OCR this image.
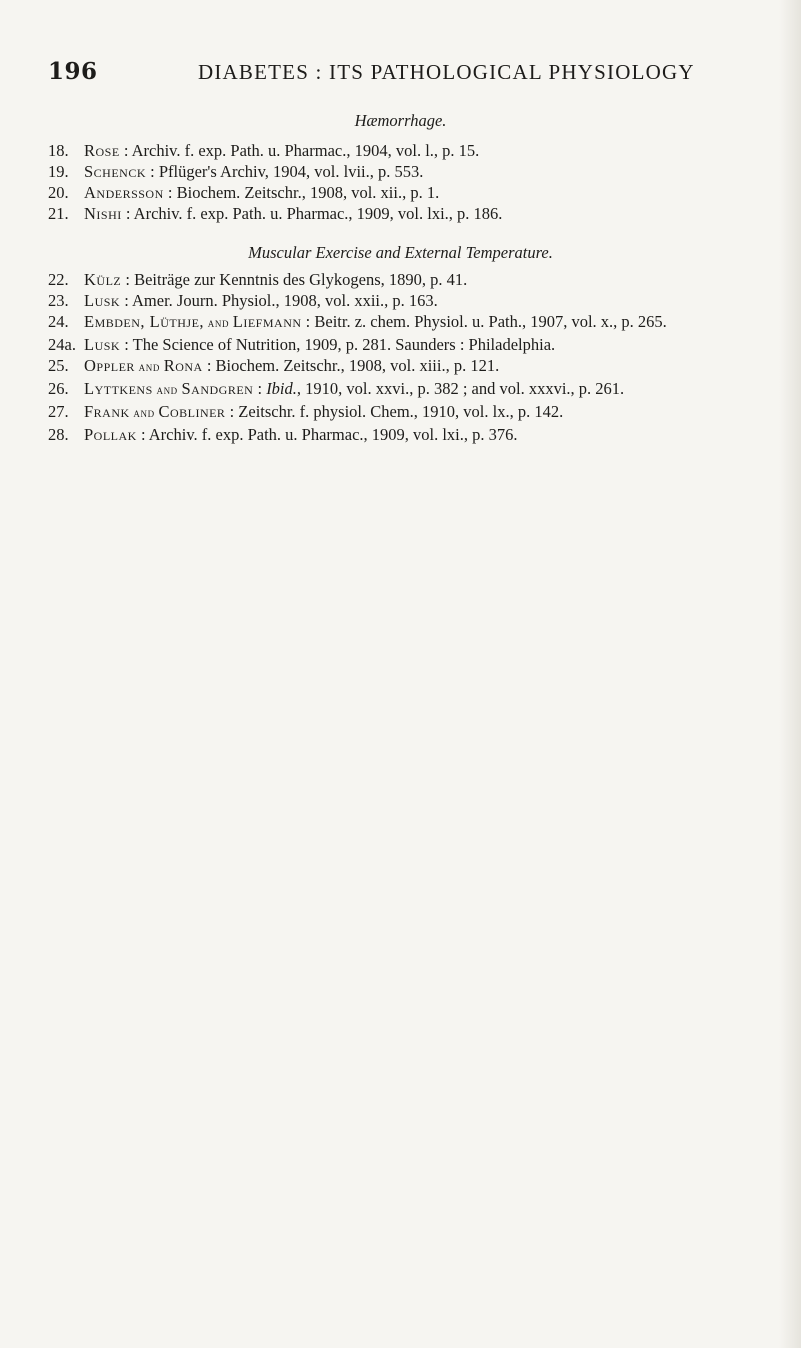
196	DIABETES : ITS PATHOLOGICAL PHYSIOLOGY
Hæmorrhage.
18. Rose : Archiv. f. exp. Path. u. Pharmac., 1904, vol. l., p. 15.
19. Schenck : Pflüger's Archiv, 1904, vol. lvii., p. 553.
20. Andersson : Biochem. Zeitschr., 1908, vol. xii., p. 1.
21. Nishi : Archiv. f. exp. Path. u. Pharmac., 1909, vol. lxi., p. 186.
Muscular Exercise and External Temperature.
22. Külz : Beiträge zur Kenntnis des Glykogens, 1890, p. 41.
23. Lusk : Amer. Journ. Physiol., 1908, vol. xxii., p. 163.
24. Embden, Lüthje, and Liefmann : Beitr. z. chem. Physiol. u. Path., 1907, vol. x., p. 265.
24a. Lusk : The Science of Nutrition, 1909, p. 281. Saunders : Philadelphia.
25. Oppler and Rona : Biochem. Zeitschr., 1908, vol. xiii., p. 121.
26. Lyttkens and Sandgren : Ibid., 1910, vol. xxvi., p. 382 ; and vol. xxxvi., p. 261.
27. Frank and Cobliner : Zeitschr. f. physiol. Chem., 1910, vol. lx., p. 142.
28. Pollak : Archiv. f. exp. Path. u. Pharmac., 1909, vol. lxi., p. 376.
